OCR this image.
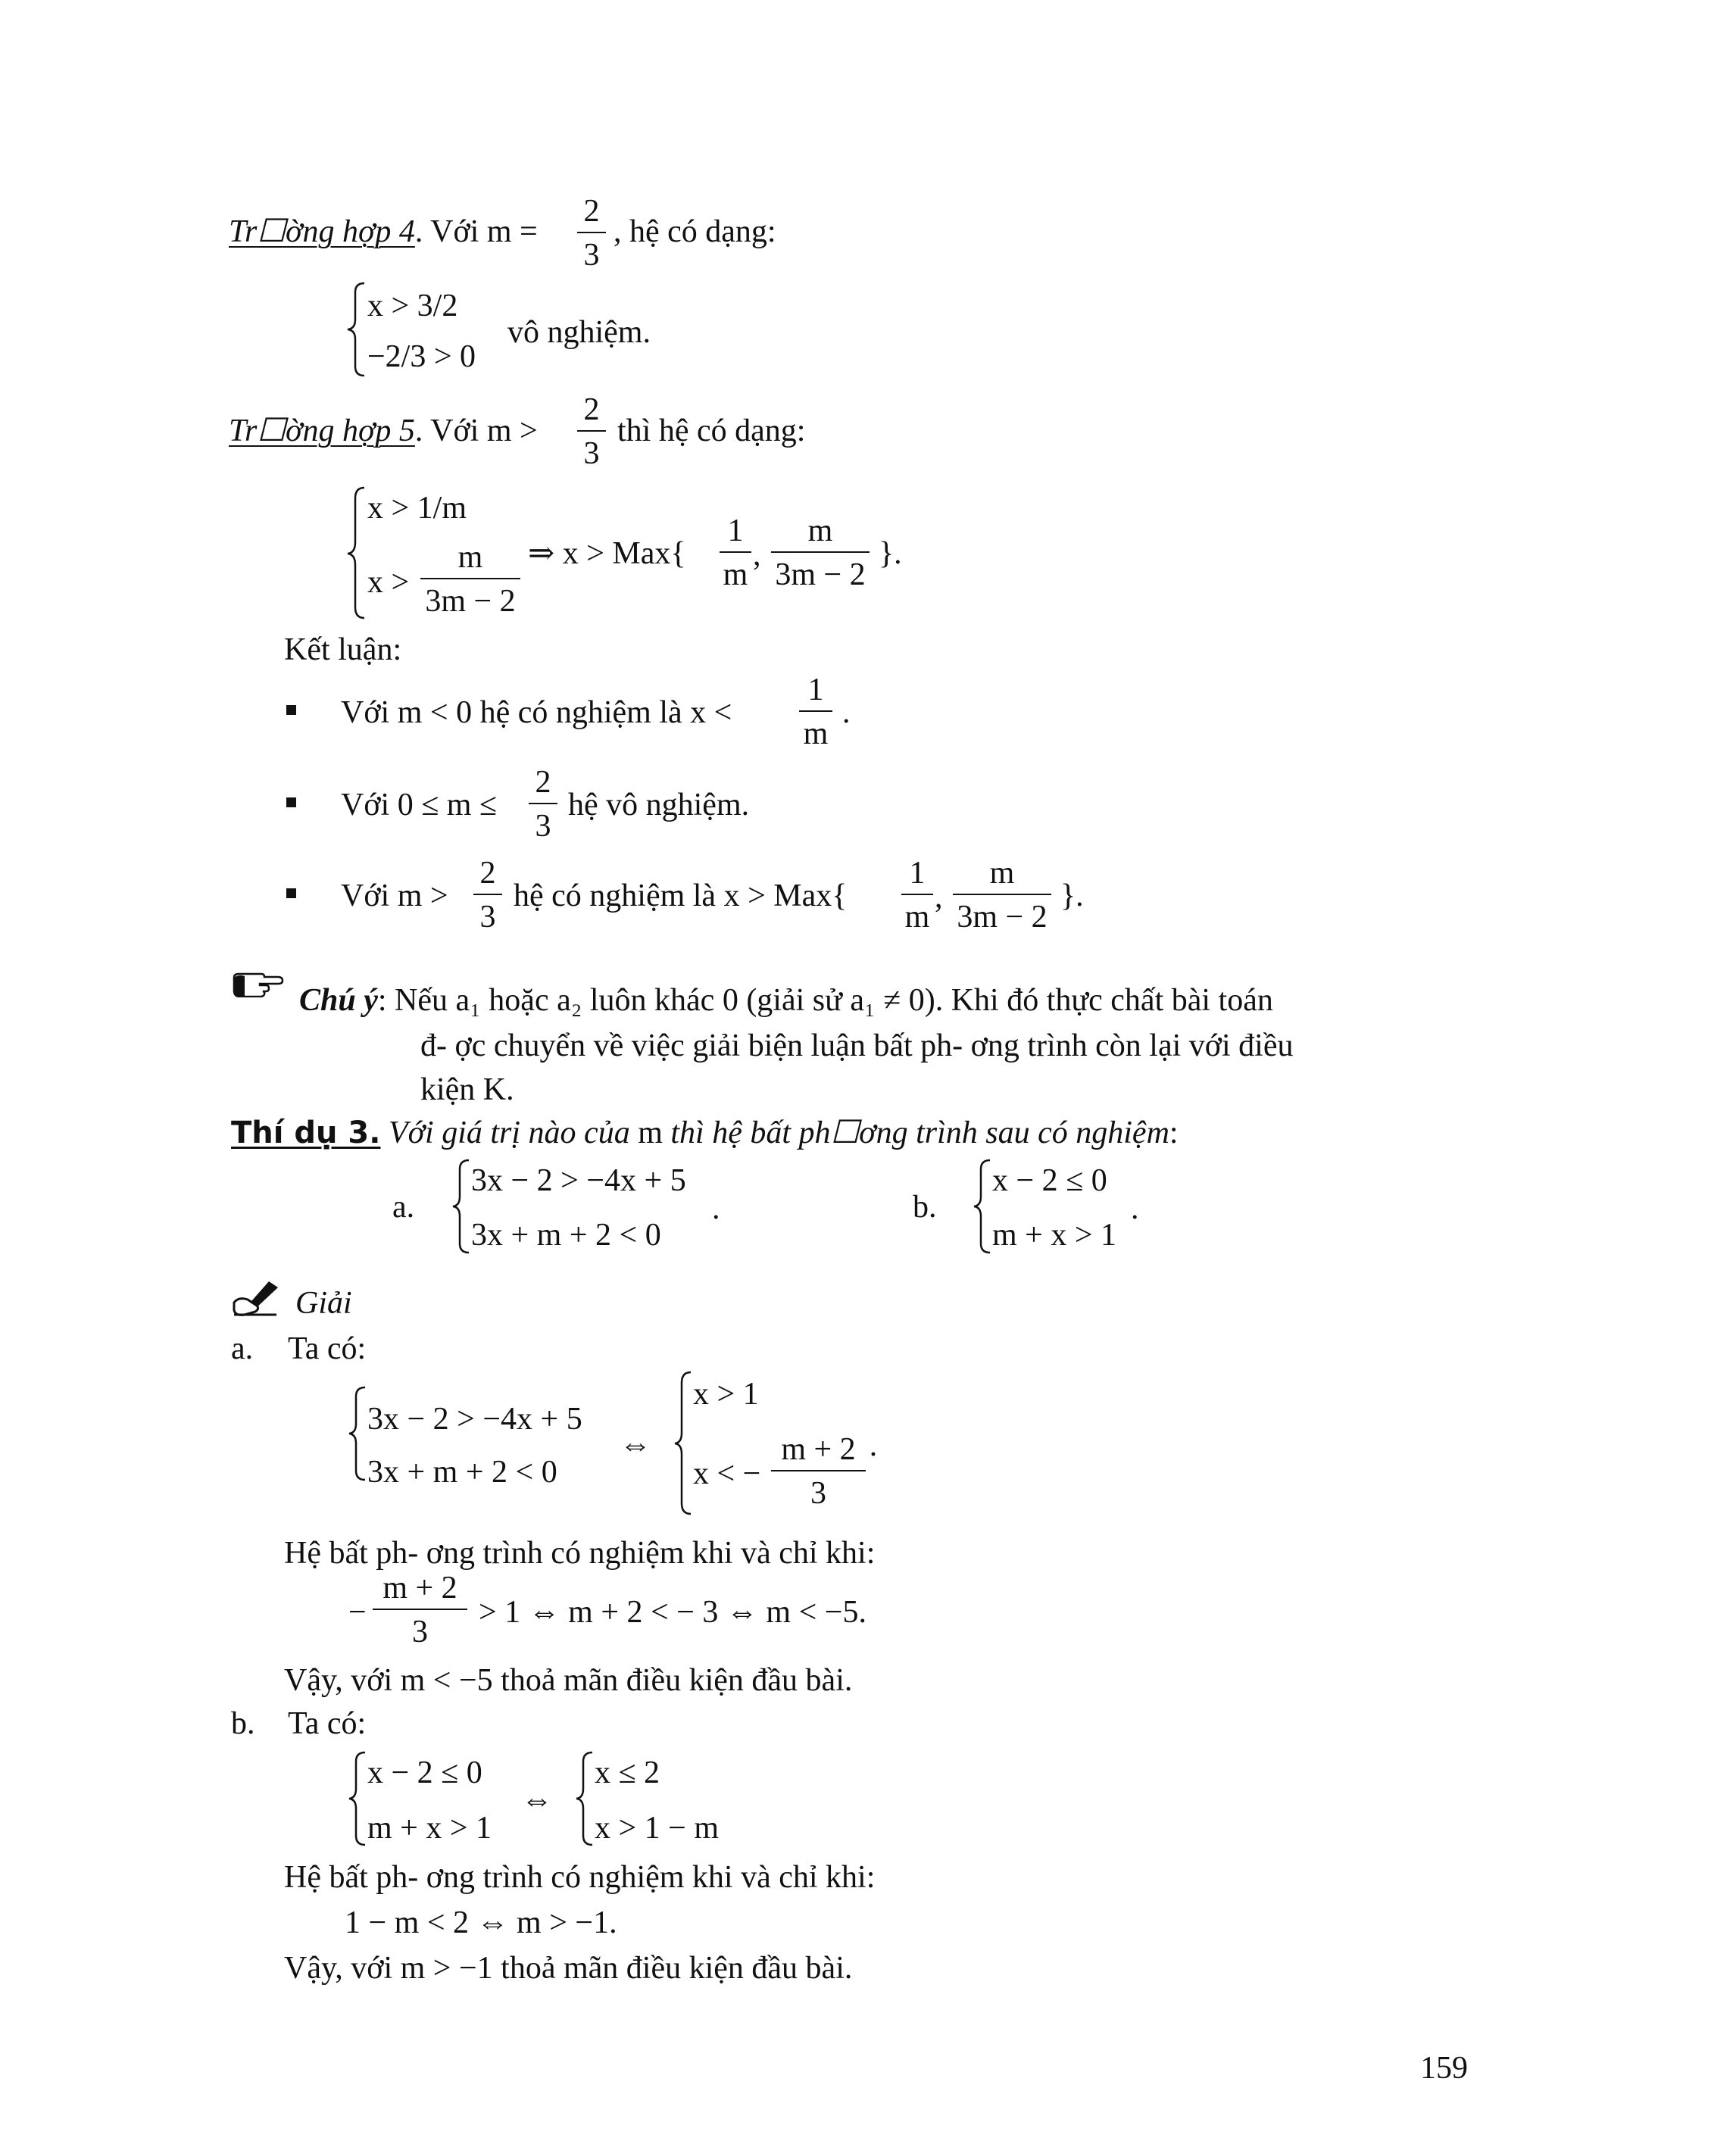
Tr☐ờng hợp 4. Với m =
2
3
, hệ có dạng:
x > 3/2
−2/3 > 0
vô nghiệm.
Tr☐ờng hợp 5. Với m >
2
3
thì hệ có dạng:
x > 1/m
x >
m
3m − 2
⇒ x > Max{
1
m
,
m
3m − 2
}.
Kết luận:
Với m < 0 hệ có nghiệm là x <
1
m
.
Với 0 ≤ m ≤
2
3
hệ vô nghiệm.
Với m >
2
3
hệ có nghiệm là x > Max{
1
m
,
m
3m − 2
}.
Chú ý: Nếu a₁ hoặc a₂ luôn khác 0 (giải sử a₁ ≠ 0). Khi đó thực chất bài toán
đ‐ ợc chuyển về việc giải biện luận bất ph‐ ơng trình còn lại với điều
kiện K.
Thí dụ 3. Với giá trị nào của m thì hệ bất ph☐ơng trình sau có nghiệm:
a.
3x − 2 > −4x + 5
3x + m + 2 < 0
.	b.
x − 2 ≤ 0
m + x > 1
.
Giải
a. Ta có:
3x − 2 > −4x + 5
3x + m + 2 < 0
⇔
x > 1
x < −
m + 2
3
·
Hệ bất ph‐ ơng trình có nghiệm khi và chỉ khi:
−
m + 2
3
> 1 ⇔ m + 2 < − 3 ⇔ m < −5.
Vậy, với m < −5 thoả mãn điều kiện đầu bài.
b. Ta có:
x − 2 ≤ 0
m + x > 1
⇔
x ≤ 2
x > 1 − m
Hệ bất ph‐ ơng trình có nghiệm khi và chỉ khi:
1 − m < 2 ⇔ m > −1.
Vậy, với m > −1 thoả mãn điều kiện đầu bài.
159
